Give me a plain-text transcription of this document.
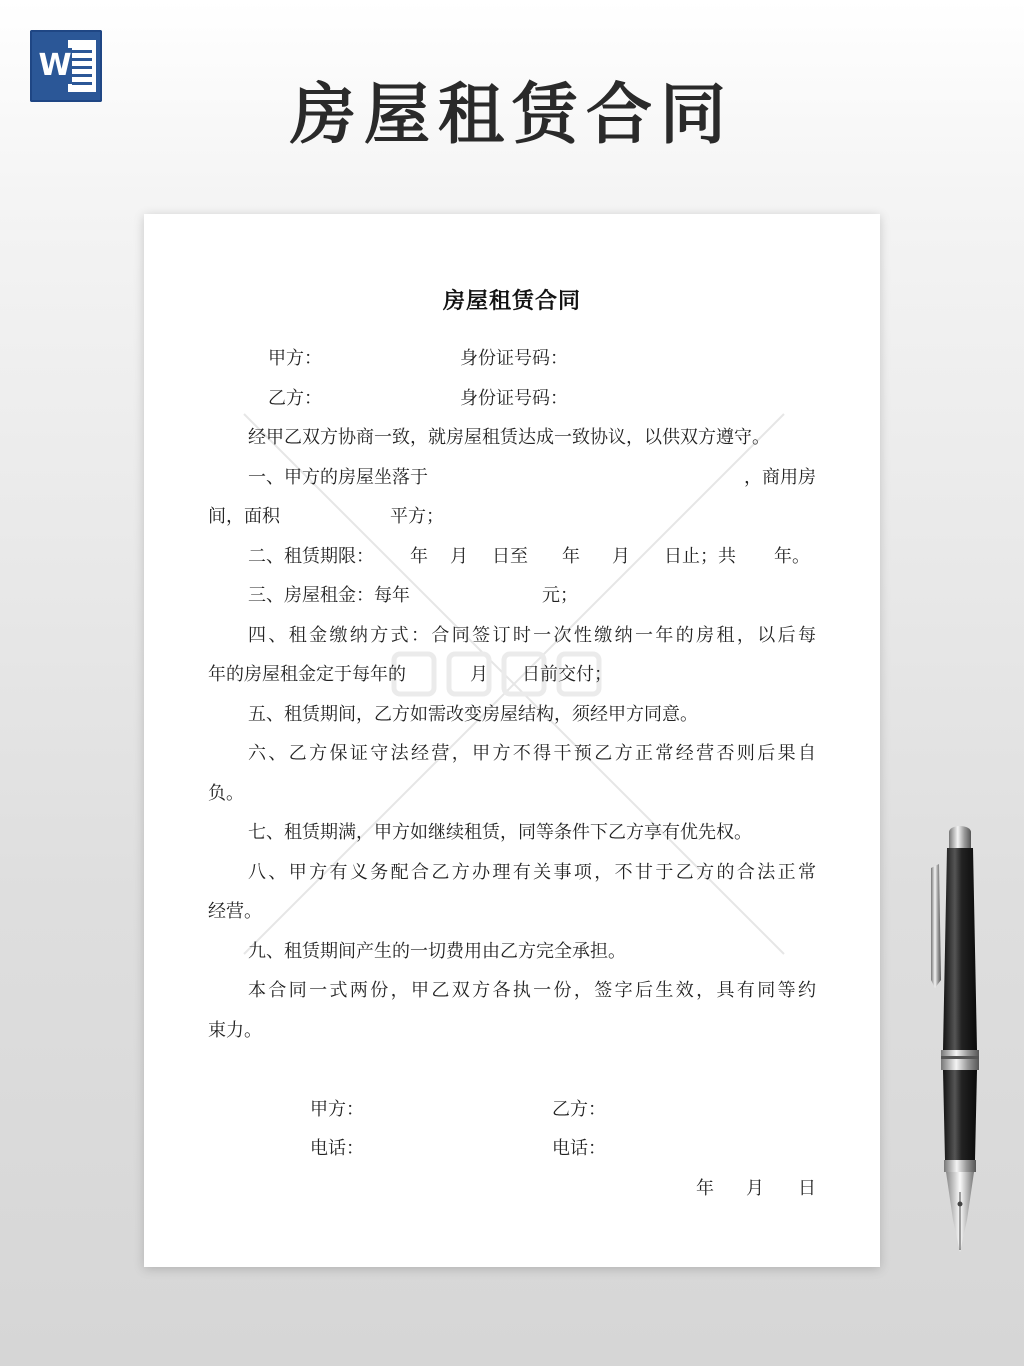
W
房屋租赁合同
房屋租赁合同
甲方：	身份证号码：
乙方：	身份证号码：
经甲乙双方协商一致，就房屋租赁达成一致协议，以供双方遵守。
一、甲方的房屋坐落于	，商用房
间，面积	平方；
二、租赁期限： 年 月 日至 年 月 日止；共 年。
三、房屋租金：每年	元；
四、租金缴纳方式：合同签订时一次性缴纳一年的房租，以后每
年的房屋租金定于每年的	月 日前交付；
五、租赁期间，乙方如需改变房屋结构，须经甲方同意。
六、乙方保证守法经营，甲方不得干预乙方正常经营否则后果自
负。
七、租赁期满，甲方如继续租赁，同等条件下乙方享有优先权。
八、甲方有义务配合乙方办理有关事项，不甘于乙方的合法正常
经营。
九、租赁期间产生的一切费用由乙方完全承担。
本合同一式两份，甲乙双方各执一份，签字后生效，具有同等约
束力。
甲方：	乙方：
电话：	电话：
年 月 日
